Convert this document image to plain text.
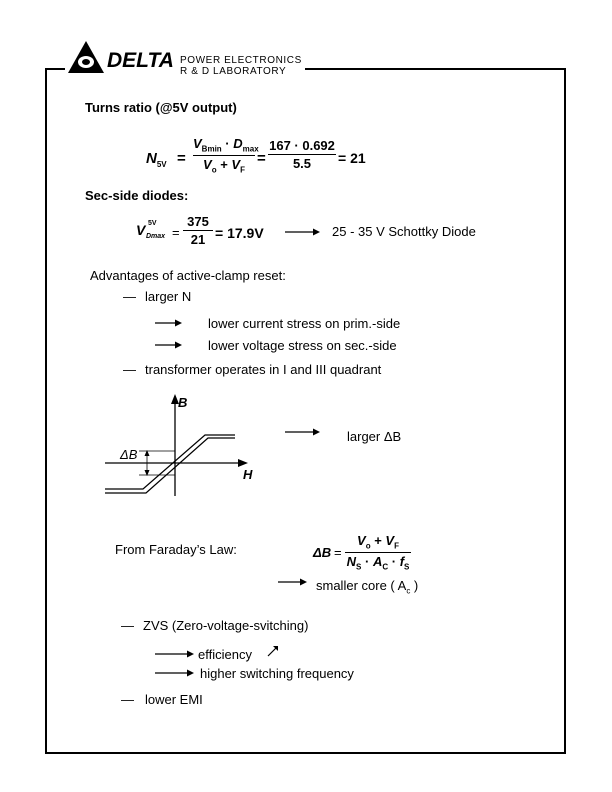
DELTA POWER ELECTRONICS
R & D LABORATORY
Turns ratio (@5V output)
$N_{5V}$ =
$V_{Bmin} \cdot D_{max}$
$V_o + V_F$
=
167 · 0.692
5.5	= 21
Sec-side diodes:
V 5V
Dmax =
375
21 = 17.9V	25 - 35 V Schottky Diode
Advantages of active-clamp reset:
— larger N
lower current stress on prim.-side
lower voltage stress on sec.-side
— transformer operates in I and III quadrant
B
H
ΔB
larger ΔB
From Faraday’s Law:	ΔB =
$V_o + V_F$
$N_S \cdot A_C \cdot f_S$
smaller core ( $A_c$ )
— ZVS (Zero-voltage-svitching)
efficiency
higher switching frequency
— lower EMI
